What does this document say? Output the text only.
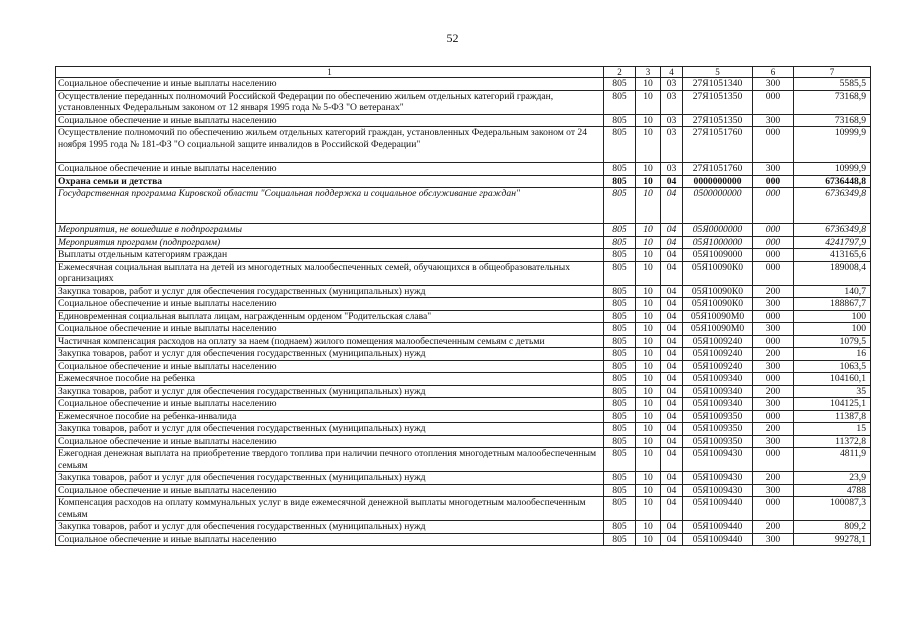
52
1	2	3	4	5	6	7
Социальное обеспечение и иные выплаты населению	805	10	03	27Я1051340	300	5585,5
Осуществление переданных полномочий Российской Федерации по обеспечению жильем отдельных категорий граждан, установленных Федеральным законом от 12 января 1995 года № 5-ФЗ "О ветеранах"	805	10	03	27Я1051350	000	73168,9
Социальное обеспечение и иные выплаты населению	805	10	03	27Я1051350	300	73168,9
Осуществление полномочий по обеспечению жильем отдельных категорий граждан, установленных Федеральным законом от 24 ноября 1995 года № 181-ФЗ "О социальной защите инвалидов в Российской Федерации"	805	10	03	27Я1051760	000	10999,9
Социальное обеспечение и иные выплаты населению	805	10	03	27Я1051760	300	10999,9
Охрана семьи и детства	805	10	04	0000000000	000	6736448,8
Государственная программа Кировской области "Социальная поддержка и социальное обслуживание граждан"	805	10	04	0500000000	000	6736349,8
Мероприятия, не вошедшие в подпрограммы	805	10	04	05Я0000000	000	6736349,8
Мероприятия программ (подпрограмм)	805	10	04	05Я1000000	000	4241797,9
Выплаты отдельным категориям граждан	805	10	04	05Я1009000	000	413165,6
Ежемесячная социальная выплата на детей из многодетных малообеспеченных семей, обучающихся в общеобразовательных организациях	805	10	04	05Я10090К0	000	189008,4
Закупка товаров, работ и услуг для обеспечения государственных (муниципальных) нужд	805	10	04	05Я10090К0	200	140,7
Социальное обеспечение и иные выплаты населению	805	10	04	05Я10090К0	300	188867,7
Единовременная социальная выплата лицам, награжденным орденом "Родительская слава"	805	10	04	05Я10090М0	000	100
Социальное обеспечение и иные выплаты населению	805	10	04	05Я10090М0	300	100
Частичная компенсация расходов на оплату за наем (поднаем) жилого помещения малообеспеченным семьям с детьми	805	10	04	05Я1009240	000	1079,5
Закупка товаров, работ и услуг для обеспечения государственных (муниципальных) нужд	805	10	04	05Я1009240	200	16
Социальное обеспечение и иные выплаты населению	805	10	04	05Я1009240	300	1063,5
Ежемесячное пособие на ребенка	805	10	04	05Я1009340	000	104160,1
Закупка товаров, работ и услуг для обеспечения государственных (муниципальных) нужд	805	10	04	05Я1009340	200	35
Социальное обеспечение и иные выплаты населению	805	10	04	05Я1009340	300	104125,1
Ежемесячное пособие на ребенка-инвалида	805	10	04	05Я1009350	000	11387,8
Закупка товаров, работ и услуг для обеспечения государственных (муниципальных) нужд	805	10	04	05Я1009350	200	15
Социальное обеспечение и иные выплаты населению	805	10	04	05Я1009350	300	11372,8
Ежегодная денежная выплата на приобретение твердого топлива при наличии печного отопления многодетным малообеспеченным семьям	805	10	04	05Я1009430	000	4811,9
Закупка товаров, работ и услуг для обеспечения государственных (муниципальных) нужд	805	10	04	05Я1009430	200	23,9
Социальное обеспечение и иные выплаты населению	805	10	04	05Я1009430	300	4788
Компенсация расходов на оплату коммунальных услуг в виде ежемесячной денежной выплаты многодетным малообеспеченным семьям	805	10	04	05Я1009440	000	100087,3
Закупка товаров, работ и услуг для обеспечения государственных (муниципальных) нужд	805	10	04	05Я1009440	200	809,2
Социальное обеспечение и иные выплаты населению	805	10	04	05Я1009440	300	99278,1
